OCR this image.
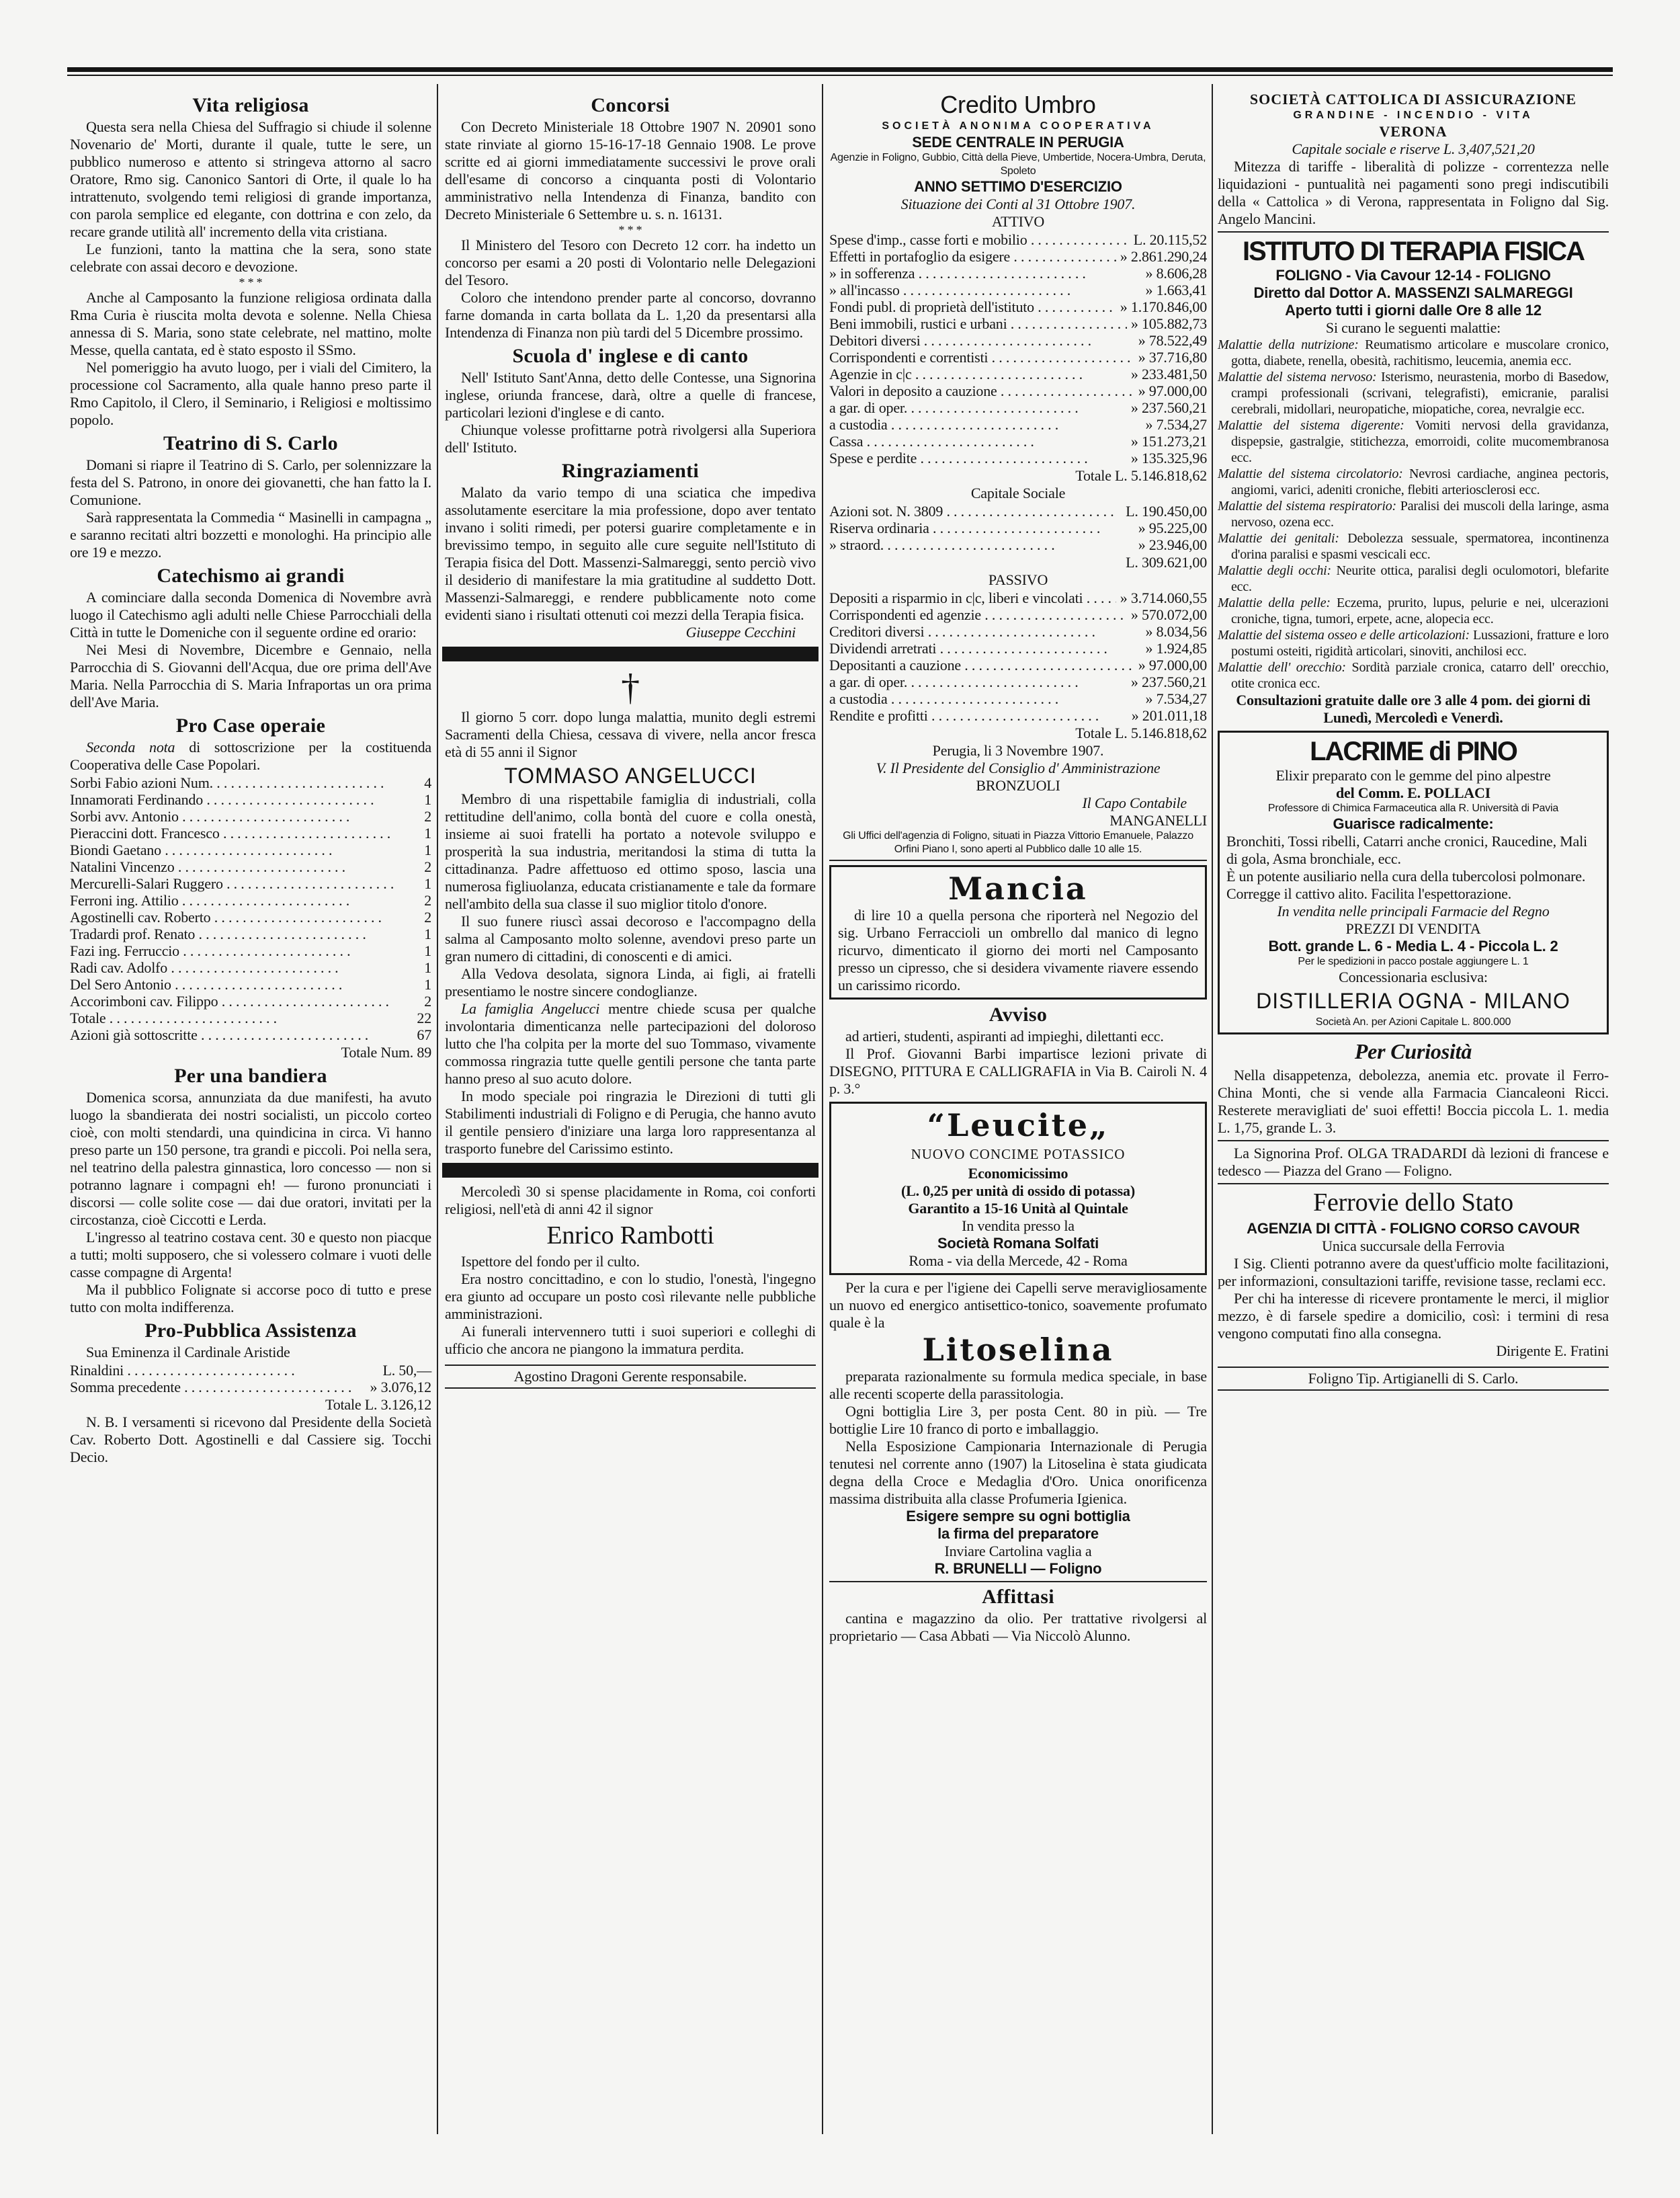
Vita religiosa

Questa sera nella Chiesa del Suffragio si chiude il solenne Novenario de' Morti, durante il quale, tutte le sere, un pubblico numeroso e attento si stringeva attorno al sacro Oratore, Rmo sig. Canonico Santori di Orte, il quale lo ha intrattenuto, svolgendo temi religiosi di grande importanza, con parola semplice ed elegante, con dottrina e con zelo, da recare grande utilità all' incremento della vita cristiana.

Le funzioni, tanto la mattina che la sera, sono state celebrate con assai decoro e devozione.

* * *

Anche al Camposanto la funzione religiosa ordinata dalla Rma Curia è riuscita molta devota e solenne. Nella Chiesa annessa di S. Maria, sono state celebrate, nel mattino, molte Messe, quella cantata, ed è stato esposto il SSmo.

Nel pomeriggio ha avuto luogo, per i viali del Cimitero, la processione col Sacramento, alla quale hanno preso parte il Rmo Capitolo, il Clero, il Seminario, i Religiosi e moltissimo popolo.

Teatrino di S. Carlo

Domani si riapre il Teatrino di S. Carlo, per solennizzare la festa del S. Patrono, in onore dei giovanetti, che han fatto la I. Comunione.

Sarà rappresentata la Commedia “ Masinelli in campagna „ e saranno recitati altri bozzetti e monologhi. Ha principio alle ore 19 e mezzo.

Catechismo ai grandi

A cominciare dalla seconda Domenica di Novembre avrà luogo il Catechismo agli adulti nelle Chiese Parrocchiali della Città in tutte le Domeniche con il seguente ordine ed orario:

Nei Mesi di Novembre, Dicembre e Gennaio, nella Parrocchia di S. Giovanni dell'Acqua, due ore prima dell'Ave Maria. Nella Parrocchia di S. Maria Infraportas un ora prima dell'Ave Maria.

Pro Case operaie

Seconda nota di sottoscrizione per la costituenda Cooperativa delle Case Popolari.

Sorbi Fabio azioni Num. . . .	4
Innamorati Ferdinando . . .	1
Sorbi avv. Antonio . . .	2
Pieraccini dott. Francesco . . .	1
Biondi Gaetano . . .	1
Natalini Vincenzo . . .	2
Mercurelli-Salari Ruggero . . .	1
Ferroni ing. Attilio . . .	2
Agostinelli cav. Roberto . . .	2
Tradardi prof. Renato . . .	1
Fazi ing. Ferruccio . . .	1
Radi cav. Adolfo . . .	1
Del Sero Antonio . . .	1
Accorimboni cav. Filippo . . .	2
Totale . . .	22
Azioni già sottoscritte . . .	67

Totale Num. 89

Per una bandiera

Domenica scorsa, annunziata da due manifesti, ha avuto luogo la sbandierata dei nostri socialisti, un piccolo corteo cioè, con molti stendardi, una quindicina in circa. Vi hanno preso parte un 150 persone, tra grandi e piccoli. Poi nella sera, nel teatrino della palestra ginnastica, loro concesso — non si potranno lagnare i compagni eh! — furono pronunciati i discorsi — colle solite cose — dai due oratori, invitati per la circostanza, cioè Ciccotti e Lerda.

L'ingresso al teatrino costava cent. 30 e questo non piacque a tutti; molti supposero, che si volessero colmare i vuoti delle casse compagne di Argenta!

Ma il pubblico Folignate si accorse poco di tutto e prese tutto con molta indifferenza.

Pro-Pubblica Assistenza

Sua Eminenza il Cardinale Aristide

Rinaldini . . .	L. 50,—
Somma precedente . . .	» 3.076,12

Totale L. 3.126,12

N. B. I versamenti si ricevono dal Presidente della Società Cav. Roberto Dott. Agostinelli e dal Cassiere sig. Tocchi Decio.

Concorsi

Con Decreto Ministeriale 18 Ottobre 1907 N. 20901 sono state rinviate al giorno 15-16-17-18 Gennaio 1908. Le prove scritte ed ai giorni immediatamente successivi le prove orali dell'esame di concorso a cinquanta posti di Volontario amministrativo nella Intendenza di Finanza, bandito con Decreto Ministeriale 6 Settembre u. s. n. 16131.

* * *

Il Ministero del Tesoro con Decreto 12 corr. ha indetto un concorso per esami a 20 posti di Volontario nelle Delegazioni del Tesoro.

Coloro che intendono prender parte al concorso, dovranno farne domanda in carta bollata da L. 1,20 da presentarsi alla Intendenza di Finanza non più tardi del 5 Dicembre prossimo.

Scuola d' inglese e di canto

Nell' Istituto Sant'Anna, detto delle Contesse, una Signorina inglese, oriunda francese, darà, oltre a quelle di francese, particolari lezioni d'inglese e di canto.

Chiunque volesse profittarne potrà rivolgersi alla Superiora dell' Istituto.

Ringraziamenti

Malato da vario tempo di una sciatica che impediva assolutamente esercitare la mia professione, dopo aver tentato invano i soliti rimedi, per potersi guarire completamente e in brevissimo tempo, in seguito alle cure seguite nell'Istituto di Terapia fisica del Dott. Massenzi-Salmareggi, sento perciò vivo il desiderio di manifestare la mia gratitudine al suddetto Dott. Massenzi-Salmareggi, e rendere pubblicamente noto come evidenti siano i risultati ottenuti coi mezzi della Terapia fisica.

Giuseppe Cecchini

†

Il giorno 5 corr. dopo lunga malattia, munito degli estremi Sacramenti della Chiesa, cessava di vivere, nella ancor fresca età di 55 anni il Signor

TOMMASO ANGELUCCI

Membro di una rispettabile famiglia di industriali, colla rettitudine dell'animo, colla bontà del cuore e colla onestà, insieme ai suoi fratelli ha portato a notevole sviluppo e prosperità la sua industria, meritandosi la stima di tutta la cittadinanza. Padre affettuoso ed ottimo sposo, lascia una numerosa figliuolanza, educata cristianamente e tale da formare nell'ambito della sua classe il suo miglior titolo d'onore.

Il suo funere riuscì assai decoroso e l'accompagno della salma al Camposanto molto solenne, avendovi preso parte un gran numero di cittadini, di conoscenti e di amici.

Alla Vedova desolata, signora Linda, ai figli, ai fratelli presentiamo le nostre sincere condoglianze.

La famiglia Angelucci mentre chiede scusa per qualche involontaria dimenticanza nelle partecipazioni del doloroso lutto che l'ha colpita per la morte del suo Tommaso, vivamente commossa ringrazia tutte quelle gentili persone che tanta parte hanno preso al suo acuto dolore.

In modo speciale poi ringrazia le Direzioni di tutti gli Stabilimenti industriali di Foligno e di Perugia, che hanno avuto il gentile pensiero d'iniziare una larga loro rappresentanza al trasporto funebre del Carissimo estinto.

Mercoledì 30 si spense placidamente in Roma, coi conforti religiosi, nell'età di anni 42 il signor

Enrico Rambotti

Ispettore del fondo per il culto.

Era nostro concittadino, e con lo studio, l'onestà, l'ingegno era giunto ad occupare un posto così rilevante nelle pubbliche amministrazioni.

Ai funerali intervennero tutti i suoi superiori e colleghi di ufficio che ancora ne piangono la immatura perdita.

Agostino Dragoni Gerente responsabile.

Credito Umbro

SOCIETÀ ANONIMA COOPERATIVA

SEDE CENTRALE IN PERUGIA

Agenzie in Foligno, Gubbio, Città della Pieve, Umbertide, Nocera-Umbra, Deruta, Spoleto

ANNO SETTIMO D'ESERCIZIO

Situazione dei Conti al 31 Ottobre 1907.

ATTIVO

Spese d'imp., casse forti e mobilio . . .	L. 20.115,52
Effetti in portafoglio da esigere . . .	» 2.861.290,24
» in sofferenza . . .	» 8.606,28
» all'incasso . . .	» 1.663,41
Fondi publ. di proprietà dell'istituto . . .	» 1.170.846,00
Beni immobili, rustici e urbani . . .	» 105.882,73
Debitori diversi . . .	» 78.522,49
Corrispondenti e correntisti . . .	» 37.716,80
Agenzie in c|c . . .	» 233.481,50
Valori in deposito a cauzione . . .	» 97.000,00
a gar. di oper. . . .	» 237.560,21
a custodia . . .	» 7.534,27
Cassa . . .	» 151.273,21
Spese e perdite . . .	» 135.325,96

Totale L. 5.146.818,62

Capitale Sociale

Azioni sot. N. 3809 . . .	L. 190.450,00
Riserva ordinaria . . .	» 95.225,00
» straord. . . .	» 23.946,00

L. 309.621,00

PASSIVO

Depositi a risparmio in c|c, liberi e vincolati . . .	» 3.714.060,55
Corrispondenti ed agenzie . . .	» 570.072,00
Creditori diversi . . .	» 8.034,56
Dividendi arretrati . . .	» 1.924,85
Depositanti a cauzione . . .	» 97.000,00
a gar. di oper. . . .	» 237.560,21
a custodia . . .	» 7.534,27
Rendite e profitti . . .	» 201.011,18

Totale L. 5.146.818,62

Perugia, li 3 Novembre 1907.

V. Il Presidente del Consiglio d' Amministrazione

BRONZUOLI

Il Capo Contabile

MANGANELLI

Gli Uffici dell'agenzia di Foligno, situati in Piazza Vittorio Emanuele, Palazzo Orfini Piano I, sono aperti al Pubblico dalle 10 alle 15.

Mancia

di lire 10 a quella persona che riporterà nel Negozio del sig. Urbano Ferraccioli un ombrello dal manico di legno ricurvo, dimenticato il giorno dei morti nel Camposanto presso un cipresso, che si desidera vivamente riavere essendo un carissimo ricordo.

Avviso

ad artieri, studenti, aspiranti ad impieghi, dilettanti ecc.

Il Prof. Giovanni Barbi impartisce lezioni private di DISEGNO, PITTURA E CALLIGRAFIA in Via B. Cairoli N. 4 p. 3.°

“Leucite„

NUOVO CONCIME POTASSICO

Economicissimo

(L. 0,25 per unità di ossido di potassa)

Garantito a 15-16 Unità al Quintale

In vendita presso la

Società Romana Solfati

Roma - via della Mercede, 42 - Roma

Per la cura e per l'igiene dei Capelli serve meravigliosamente un nuovo ed energico antisettico-tonico, soavemente profumato quale è la

Litoselina

preparata razionalmente su formula medica speciale, in base alle recenti scoperte della parassitologia.

Ogni bottiglia Lire 3, per posta Cent. 80 in più. — Tre bottiglie Lire 10 franco di porto e imballaggio.

Nella Esposizione Campionaria Internazionale di Perugia tenutesi nel corrente anno (1907) la Litoselina è stata giudicata degna della Croce e Medaglia d'Oro. Unica onorificenza massima distribuita alla classe Profumeria Igienica.

Esigere sempre su ogni bottiglia

la firma del preparatore

Inviare Cartolina vaglia a

R. BRUNELLI — Foligno

Affittasi

cantina e magazzino da olio. Per trattative rivolgersi al proprietario — Casa Abbati — Via Niccolò Alunno.

SOCIETÀ CATTOLICA DI ASSICURAZIONE

GRANDINE - INCENDIO - VITA

VERONA

Capitale sociale e riserve L. 3,407,521,20

Mitezza di tariffe - liberalità di polizze - correntezza nelle liquidazioni - puntualità nei pagamenti sono pregi indiscutibili della « Cattolica » di Verona, rappresentata in Foligno dal Sig. Angelo Mancini.

ISTITUTO DI TERAPIA FISICA

FOLIGNO - Via Cavour 12-14 - FOLIGNO

Diretto dal Dottor A. MASSENZI SALMAREGGI

Aperto tutti i giorni dalle Ore 8 alle 12

Si curano le seguenti malattie:

Malattie della nutrizione: Reumatismo articolare e muscolare cronico, gotta, diabete, renella, obesità, rachitismo, leucemia, anemia ecc.

Malattie del sistema nervoso: Isterismo, neurastenia, morbo di Basedow, crampi professionali (scrivani, telegrafisti), emicranie, paralisi cerebrali, midollari, neuropatiche, miopatiche, corea, nevralgie ecc.

Malattie del sistema digerente: Vomiti nervosi della gravidanza, dispepsie, gastralgie, stitichezza, emorroidi, colite mucomembranosa ecc.

Malattie del sistema circolatorio: Nevrosi cardiache, anginea pectoris, angiomi, varici, adeniti croniche, flebiti arteriosclerosi ecc.

Malattie del sistema respiratorio: Paralisi dei muscoli della laringe, asma nervoso, ozena ecc.

Malattie dei genitali: Debolezza sessuale, spermatorea, incontinenza d'orina paralisi e spasmi vescicali ecc.

Malattie degli occhi: Neurite ottica, paralisi degli oculomotori, blefarite ecc.

Malattie della pelle: Eczema, prurito, lupus, pelurie e nei, ulcerazioni croniche, tigna, tumori, erpete, acne, alopecia ecc.

Malattie del sistema osseo e delle articolazioni: Lussazioni, fratture e loro postumi osteiti, rigidità articolari, sinoviti, anchilosi ecc.

Malattie dell' orecchio: Sordità parziale cronica, catarro dell' orecchio, otite cronica ecc.

Consultazioni gratuite dalle ore 3 alle 4 pom. dei giorni di Lunedì, Mercoledì e Venerdì.

LACRIME di PINO

Elixir preparato con le gemme del pino alpestre

del Comm. E. POLLACI

Professore di Chimica Farmaceutica alla R. Università di Pavia

Guarisce radicalmente:

Bronchiti, Tossi ribelli, Catarri anche cronici, Raucedine, Mali di gola, Asma bronchiale, ecc.

È un potente ausiliario nella cura della tubercolosi polmonare.

Corregge il cattivo alito. Facilita l'espettorazione.

In vendita nelle principali Farmacie del Regno

PREZZI DI VENDITA

Bott. grande L. 6 - Media L. 4 - Piccola L. 2

Per le spedizioni in pacco postale aggiungere L. 1

Concessionaria esclusiva:

DISTILLERIA OGNA - MILANO

Società An. per Azioni Capitale L. 800.000

Per Curiosità

Nella disappetenza, debolezza, anemia etc. provate il Ferro-China Monti, che si vende alla Farmacia Ciancaleoni Ricci. Resterete meravigliati de' suoi effetti! Boccia piccola L. 1. media L. 1,75, grande L. 3.

La Signorina Prof. OLGA TRADARDI dà lezioni di francese e tedesco — Piazza del Grano — Foligno.

Ferrovie dello Stato

AGENZIA DI CITTÀ - FOLIGNO CORSO CAVOUR

Unica succursale della Ferrovia

I Sig. Clienti potranno avere da quest'ufficio molte facilitazioni, per informazioni, consultazioni tariffe, revisione tasse, reclami ecc.

Per chi ha interesse di ricevere prontamente le merci, il miglior mezzo, è di farsele spedire a domicilio, così: i termini di resa vengono computati fino alla consegna.

Dirigente E. Fratini

Foligno Tip. Artigianelli di S. Carlo.
